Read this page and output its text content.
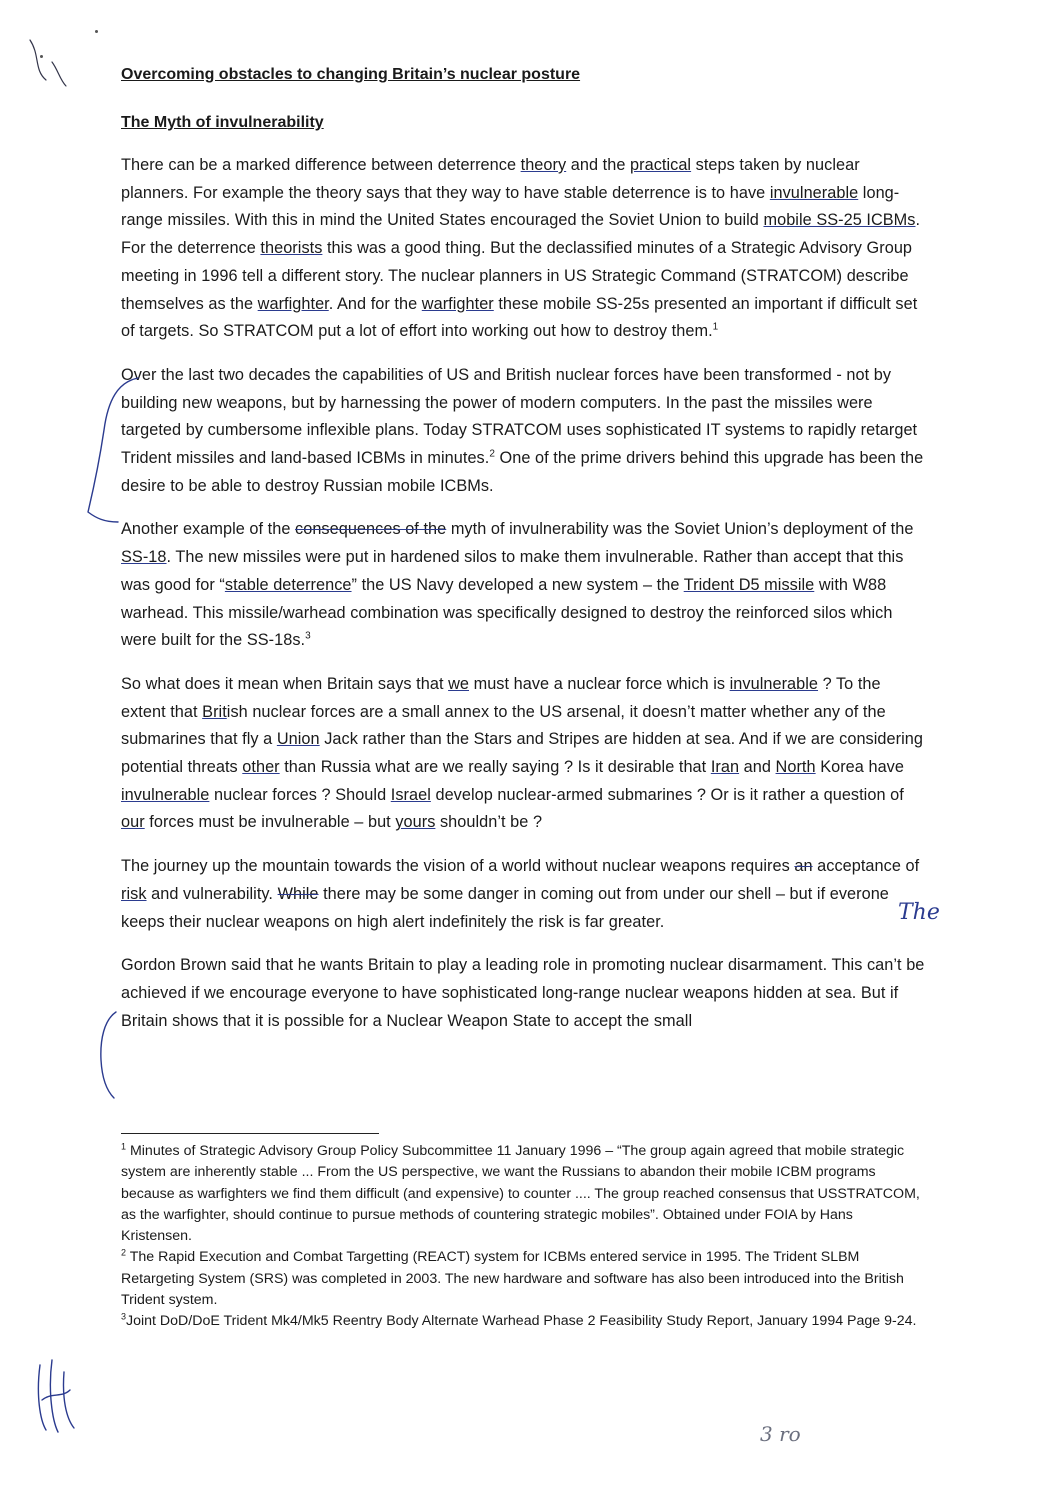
Overcoming obstacles to changing Britain’s nuclear posture

The Myth of invulnerability

There can be a marked difference between deterrence theory and the practical steps taken by nuclear planners. For example the theory says that they way to have stable deterrence is to have invulnerable long-range missiles. With this in mind the United States encouraged the Soviet Union to build mobile SS-25 ICBMs. For the deterrence theorists this was a good thing. But the declassified minutes of a Strategic Advisory Group meeting in 1996 tell a different story. The nuclear planners in US Strategic Command (STRATCOM) describe themselves as the warfighter. And for the warfighter these mobile SS-25s presented an important if difficult set of targets. So STRATCOM put a lot of effort into working out how to destroy them.$^1$

Over the last two decades the capabilities of US and British nuclear forces have been transformed - not by building new weapons, but by harnessing the power of modern computers. In the past the missiles were targeted by cumbersome inflexible plans. Today STRATCOM uses sophisticated IT systems to rapidly retarget Trident missiles and land-based ICBMs in minutes.$^2$ One of the prime drivers behind this upgrade has been the desire to be able to destroy Russian mobile ICBMs.

Another example of the consequences of the myth of invulnerability was the Soviet Union’s deployment of the SS-18. The new missiles were put in hardened silos to make them invulnerable. Rather than accept that this was good for “stable deterrence” the US Navy developed a new system – the Trident D5 missile with W88 warhead. This missile/warhead combination was specifically designed to destroy the reinforced silos which were built for the SS-18s.$^3$

So what does it mean when Britain says that we must have a nuclear force which is invulnerable ? To the extent that British nuclear forces are a small annex to the US arsenal, it doesn’t matter whether any of the submarines that fly a Union Jack rather than the Stars and Stripes are hidden at sea. And if we are considering potential threats other than Russia what are we really saying ? Is it desirable that Iran and North Korea have invulnerable nuclear forces ? Should Israel develop nuclear-armed submarines ? Or is it rather a question of our forces must be invulnerable – but yours shouldn’t be ?

The journey up the mountain towards the vision of a world without nuclear weapons requires an acceptance of risk and vulnerability. While there may be some danger in coming out from under our shell – but if everone keeps their nuclear weapons on high alert indefinitely the risk is far greater.

Gordon Brown said that he wants Britain to play a leading role in promoting nuclear disarmament. This can’t be achieved if we encourage everyone to have sophisticated long-range nuclear weapons hidden at sea. But if Britain shows that it is possible for a Nuclear Weapon State to accept the small

$^1$ Minutes of Strategic Advisory Group Policy Subcommittee 11 January 1996 – “The group again agreed that mobile strategic system are inherently stable ... From the US perspective, we want the Russians to abandon their mobile ICBM programs because as warfighters we find them difficult (and expensive) to counter .... The group reached consensus that USSTRATCOM, as the warfighter, should continue to pursue methods of countering strategic mobiles”. Obtained under FOIA by Hans Kristensen.

$^2$ The Rapid Execution and Combat Targetting (REACT) system for ICBMs entered service in 1995. The Trident SLBM Retargeting System (SRS) was completed in 2003. The new hardware and software has also been introduced into the British Trident system.

$^3$Joint DoD/DoE Trident Mk4/Mk5 Reentry Body Alternate Warhead Phase 2 Feasibility Study Report, January 1994 Page 9-24.

The
3 ro
